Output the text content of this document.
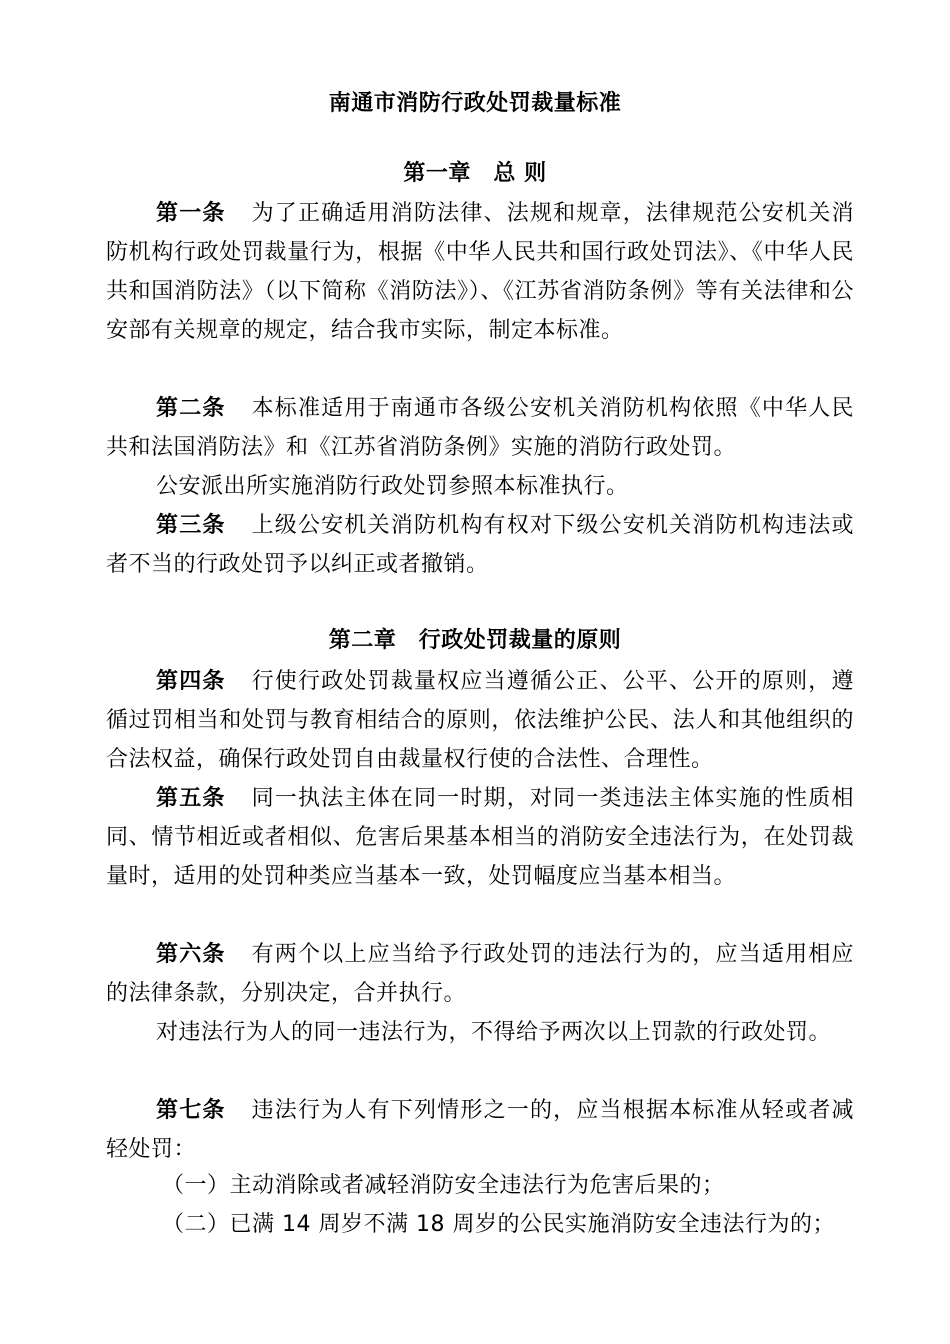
南通市消防行政处罚裁量标准
第一章　总 则

第一条 为了正确适用消防法律、法规和规章，法律规范公安机关消防机构行政处罚裁量行为，根据《中华人民共和国行政处罚法》、《中华人民共和国消防法》（以下简称《消防法》）、《江苏省消防条例》等有关法律和公安部有关规章的规定，结合我市实际，制定本标准。

第二条 本标准适用于南通市各级公安机关消防机构依照《中华人民共和法国消防法》和《江苏省消防条例》实施的消防行政处罚。

公安派出所实施消防行政处罚参照本标准执行。

第三条 上级公安机关消防机构有权对下级公安机关消防机构违法或者不当的行政处罚予以纠正或者撤销。

第二章　行政处罚裁量的原则

第四条 行使行政处罚裁量权应当遵循公正、公平、公开的原则，遵循过罚相当和处罚与教育相结合的原则，依法维护公民、法人和其他组织的合法权益，确保行政处罚自由裁量权行使的合法性、合理性。

第五条 同一执法主体在同一时期，对同一类违法主体实施的性质相同、情节相近或者相似、危害后果基本相当的消防安全违法行为，在处罚裁量时，适用的处罚种类应当基本一致，处罚幅度应当基本相当。

第六条 有两个以上应当给予行政处罚的违法行为的，应当适用相应的法律条款，分别决定，合并执行。

对违法行为人的同一违法行为，不得给予两次以上罚款的行政处罚。

第七条 违法行为人有下列情形之一的，应当根据本标准从轻或者减轻处罚：

（一）主动消除或者减轻消防安全违法行为危害后果的；

（二）已满 14 周岁不满 18 周岁的公民实施消防安全违法行为的；
